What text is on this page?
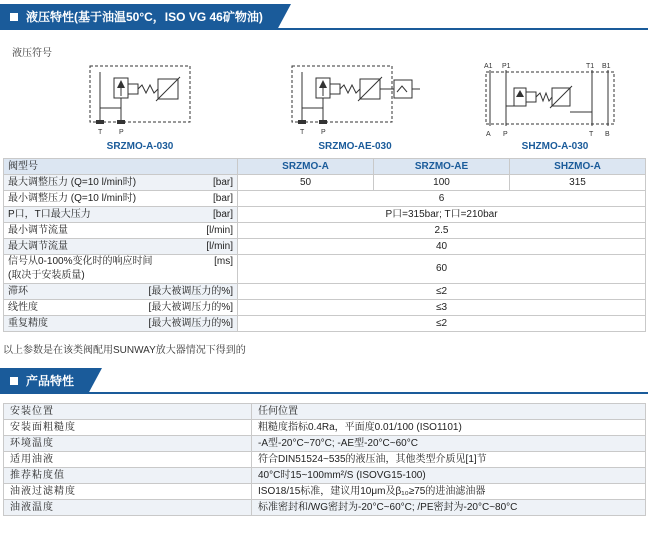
液压特性(基于油温50°C，ISO VG 46矿物油)
液压符号
T P
SRZMO-A-030
T P
SRZMO-AE-030
A1 P1	T1 B1
A P	T B
SHZMO-A-030
阀型号	SRZMO-A	SRZMO-AE	SHZMO-A

最大调整压力 (Q=10 l/min时) [bar]	50	100	315

最小调整压力 (Q=10 l/min时) [bar]	6		

P口，T口最大压力 [bar]	P口=315bar; T口=210bar		

最小调节流量 [l/min]	2.5		

最大调节流量 [l/min]	40		

信号从0-100%变化时的响应时间
(取决于安装质量)
[ms]	60		

滞环 [最大被调压力的%]	≤2		

线性度 [最大被调压力的%]	≤3		

重复精度 [最大被调压力的%]	≤2		
以上参数是在该类阀配用SUNWAY放大器情况下得到的
产品特性
安装位置	任何位置
安装面粗糙度	粗糙度指标0.4Ra，平面度0.01/100 (ISO1101)
环境温度	-A型-20°C~70°C; -AE型-20°C~60°C
适用油液	符合DIN51524~535的液压油，其他类型介质见[1]节
推荐粘度值	40°C时15~100mm²/S (ISOVG15-100)
油液过滤精度	ISO18/15标准，建议用10μm及β₁₀≥75的进油滤油器
油液温度	标准密封和/WG密封为-20°C~60°C; /PE密封为-20°C~80°C
